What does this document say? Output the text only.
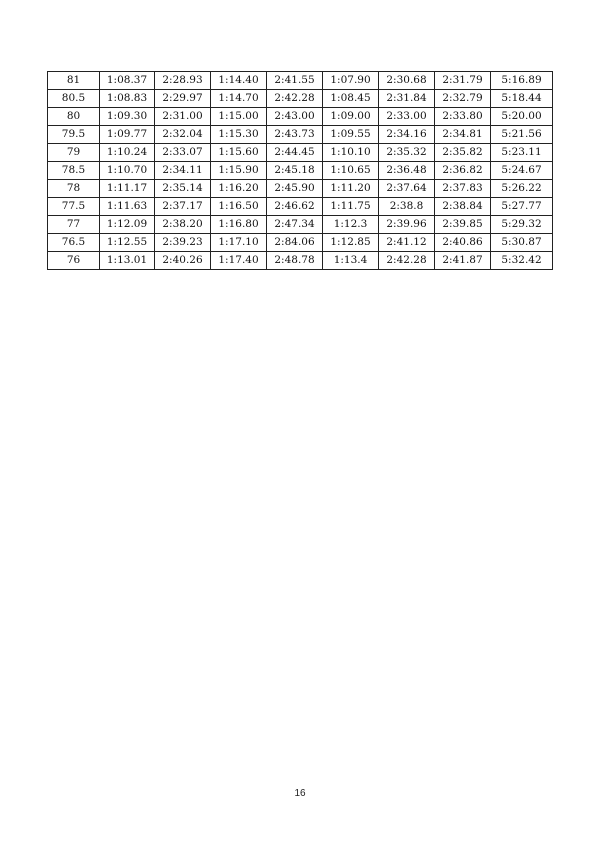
81	1:08.37	2:28.93	1:14.40	2:41.55	1:07.90	2:30.68	2:31.79	5:16.89
80.5	1:08.83	2:29.97	1:14.70	2:42.28	1:08.45	2:31.84	2:32.79	5:18.44
80	1:09.30	2:31.00	1:15.00	2:43.00	1:09.00	2:33.00	2:33.80	5:20.00
79.5	1:09.77	2:32.04	1:15.30	2:43.73	1:09.55	2:34.16	2:34.81	5:21.56
79	1:10.24	2:33.07	1:15.60	2:44.45	1:10.10	2:35.32	2:35.82	5:23.11
78.5	1:10.70	2:34.11	1:15.90	2:45.18	1:10.65	2:36.48	2:36.82	5:24.67
78	1:11.17	2:35.14	1:16.20	2:45.90	1:11.20	2:37.64	2:37.83	5:26.22
77.5	1:11.63	2:37.17	1:16.50	2:46.62	1:11.75	2:38.8	2:38.84	5:27.77
77	1:12.09	2:38.20	1:16.80	2:47.34	1:12.3	2:39.96	2:39.85	5:29.32
76.5	1:12.55	2:39.23	1:17.10	2:84.06	1:12.85	2:41.12	2:40.86	5:30.87
76	1:13.01	2:40.26	1:17.40	2:48.78	1:13.4	2:42.28	2:41.87	5:32.42
16
